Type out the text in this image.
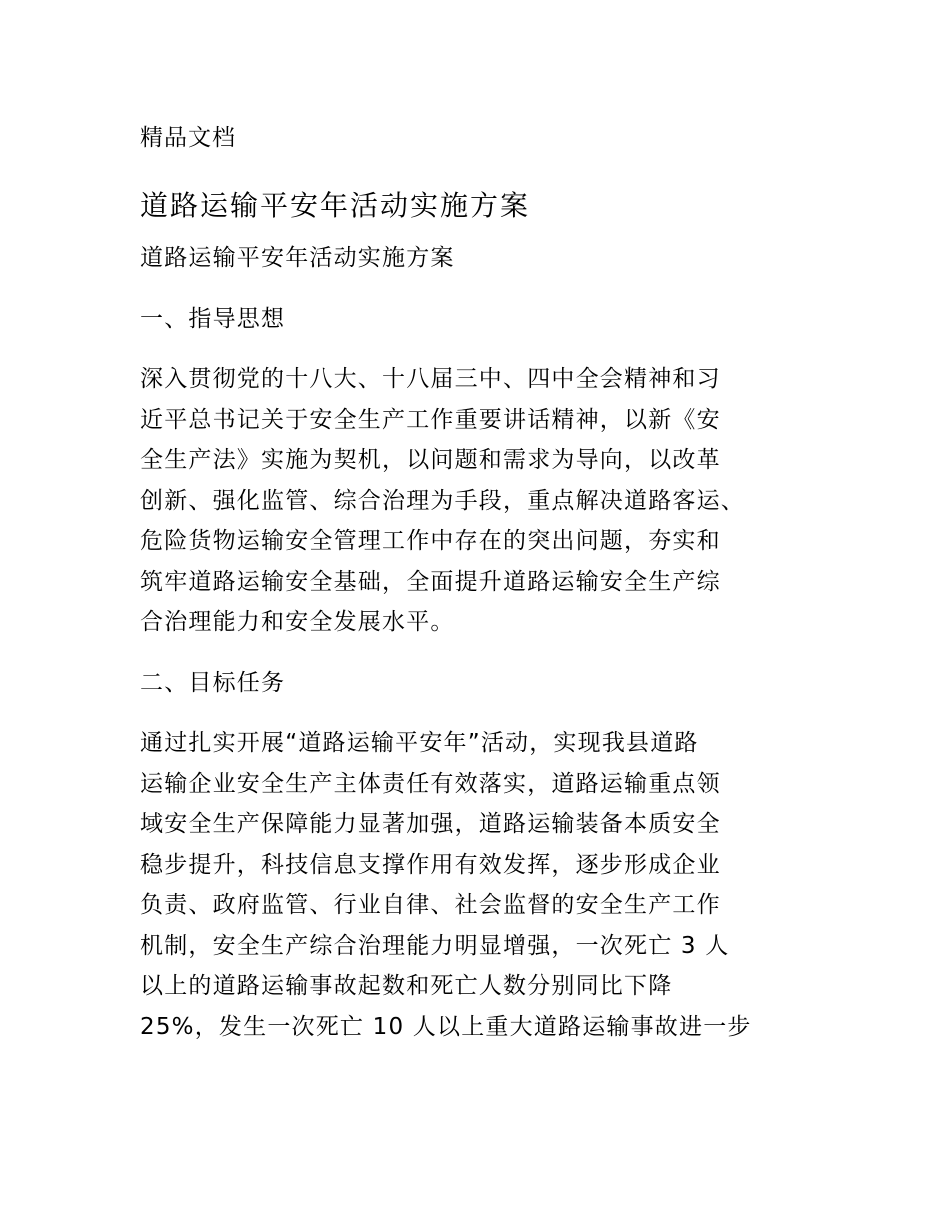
精品文档
道路运输平安年活动实施方案
道路运输平安年活动实施方案
一、指导思想
深入贯彻党的十八大、十八届三中、四中全会精神和习
近平总书记关于安全生产工作重要讲话精神，以新《安
全生产法》实施为契机，以问题和需求为导向，以改革
创新、强化监管、综合治理为手段，重点解决道路客运、
危险货物运输安全管理工作中存在的突出问题，夯实和
筑牢道路运输安全基础，全面提升道路运输安全生产综
合治理能力和安全发展水平。
二、目标任务
通过扎实开展“道路运输平安年”活动，实现我县道路
运输企业安全生产主体责任有效落实，道路运输重点领
域安全生产保障能力显著加强，道路运输装备本质安全
稳步提升，科技信息支撑作用有效发挥，逐步形成企业
负责、政府监管、行业自律、社会监督的安全生产工作
机制，安全生产综合治理能力明显增强，一次死亡 3 人
以上的道路运输事故起数和死亡人数分别同比下降
25%，发生一次死亡 10 人以上重大道路运输事故进一步
